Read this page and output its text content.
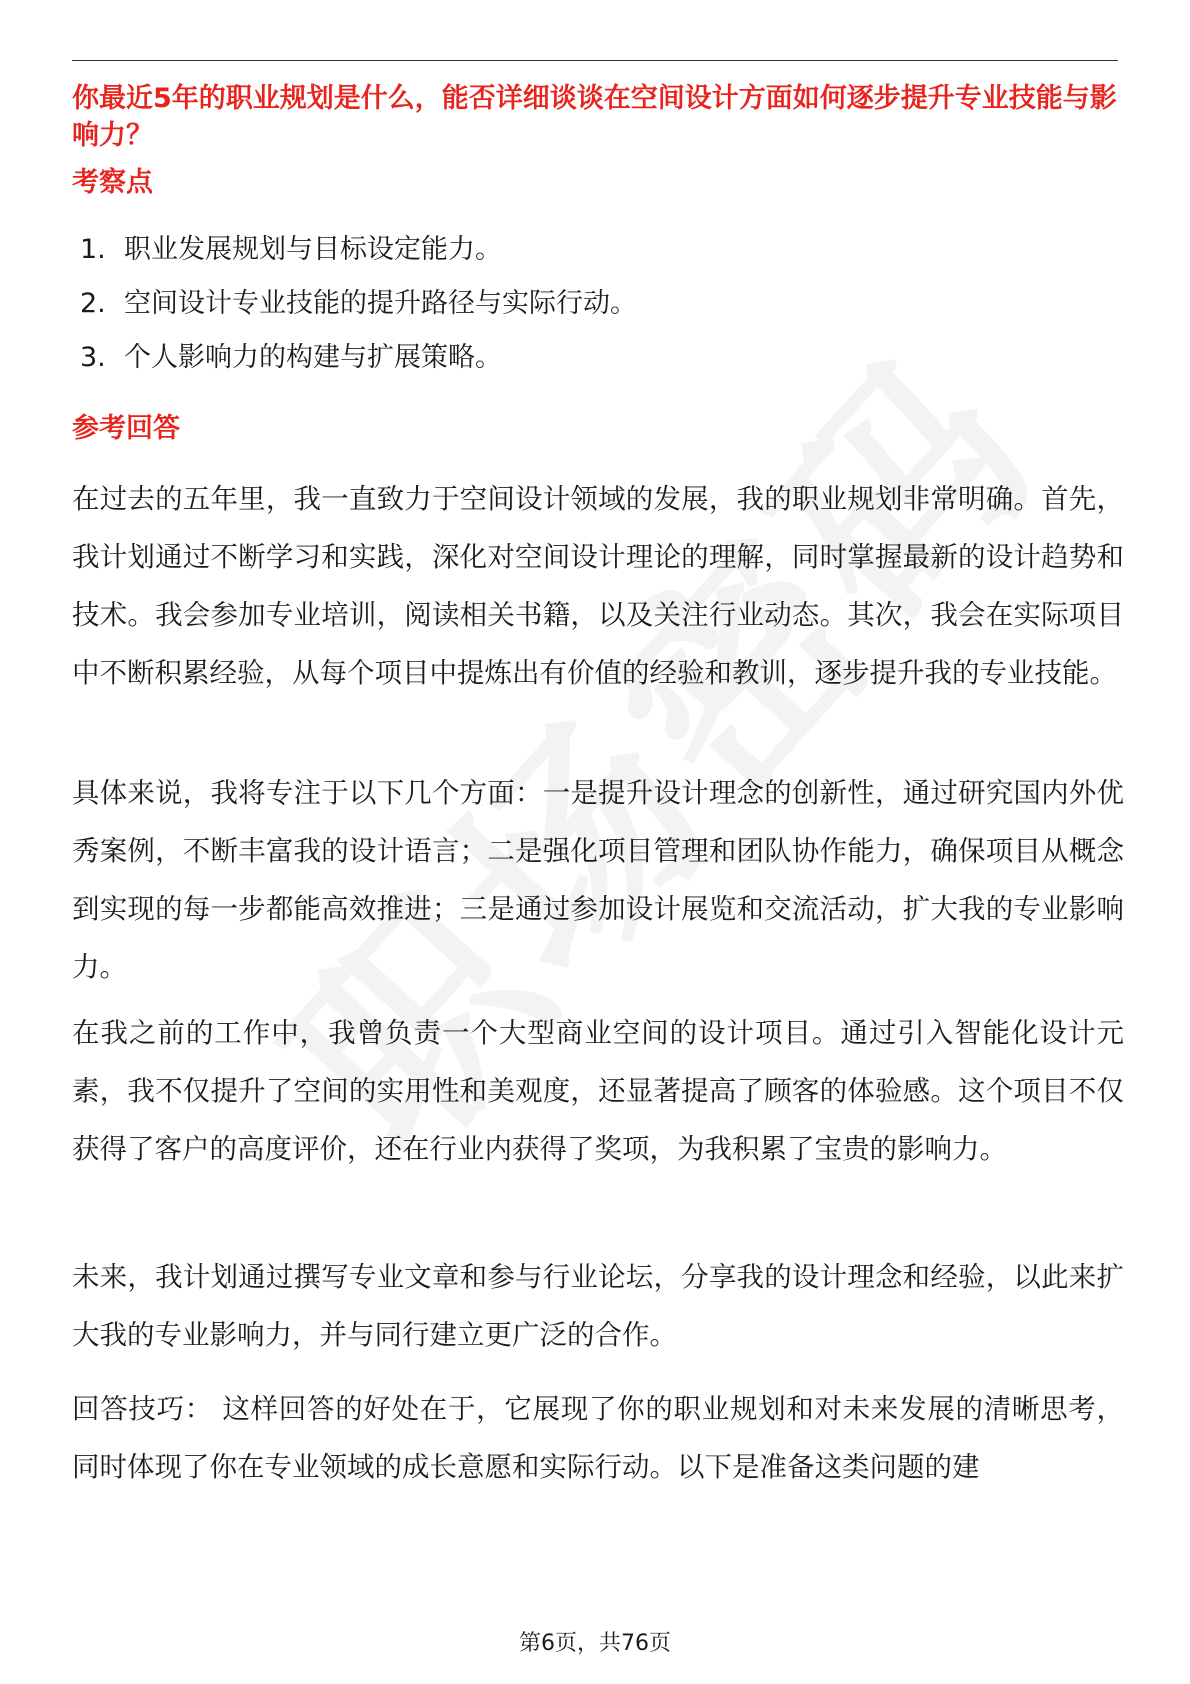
你最近5年的职业规划是什么，能否详细谈谈在空间设计方面如何逐步提升专业技能与影响力？
考察点
1. 职业发展规划与目标设定能力。
2. 空间设计专业技能的提升路径与实际行动。
3. 个人影响力的构建与扩展策略。
参考回答

在过去的五年里，我一直致力于空间设计领域的发展，我的职业规划非常明确。首先，我计划通过不断学习和实践，深化对空间设计理论的理解，同时掌握最新的设计趋势和技术。我会参加专业培训，阅读相关书籍，以及关注行业动态。其次，我会在实际项目中不断积累经验，从每个项目中提炼出有价值的经验和教训，逐步提升我的专业技能。

具体来说，我将专注于以下几个方面：一是提升设计理念的创新性，通过研究国内外优秀案例，不断丰富我的设计语言；二是强化项目管理和团队协作能力，确保项目从概念到实现的每一步都能高效推进；三是通过参加设计展览和交流活动，扩大我的专业影响力。

在我之前的工作中，我曾负责一个大型商业空间的设计项目。通过引入智能化设计元素，我不仅提升了空间的实用性和美观度，还显著提高了顾客的体验感。这个项目不仅获得了客户的高度评价，还在行业内获得了奖项，为我积累了宝贵的影响力。

未来，我计划通过撰写专业文章和参与行业论坛，分享我的设计理念和经验，以此来扩大我的专业影响力，并与同行建立更广泛的合作。

回答技巧： 这样回答的好处在于，它展现了你的职业规划和对未来发展的清晰思考，同时体现了你在专业领域的成长意愿和实际行动。以下是准备这类问题的建

第6页，共76页
